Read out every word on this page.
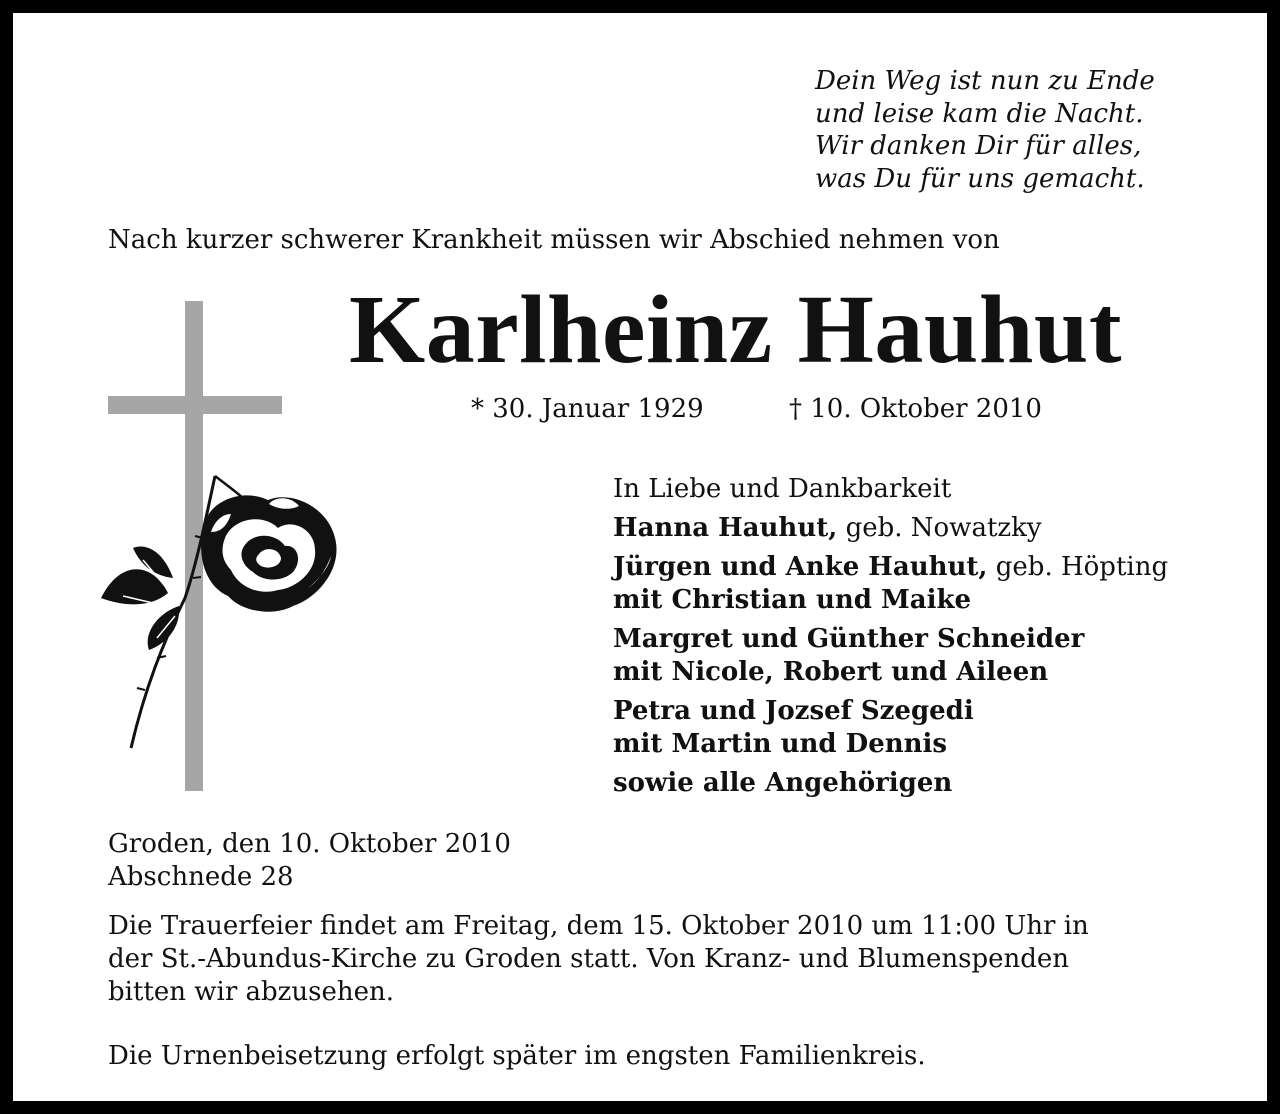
Dein Weg ist nun zu Ende
und leise kam die Nacht.
Wir danken Dir für alles,
was Du für uns gemacht.
Nach kurzer schwerer Krankheit müssen wir Abschied nehmen von
Karlheinz Hauhut
* 30. Januar 1929	† 10. Oktober 2010
In Liebe und Dankbarkeit
Hanna Hauhut, geb. Nowatzky
Jürgen und Anke Hauhut, geb. Höpting
mit Christian und Maike
Margret und Günther Schneider
mit Nicole, Robert und Aileen
Petra und Jozsef Szegedi
mit Martin und Dennis
sowie alle Angehörigen
Groden, den 10. Oktober 2010
Abschnede 28
Die Trauerfeier findet am Freitag, dem 15. Oktober 2010 um 11:00 Uhr in
der St.-Abundus-Kirche zu Groden statt. Von Kranz- und Blumenspenden
bitten wir abzusehen.
Die Urnenbeisetzung erfolgt später im engsten Familienkreis.
